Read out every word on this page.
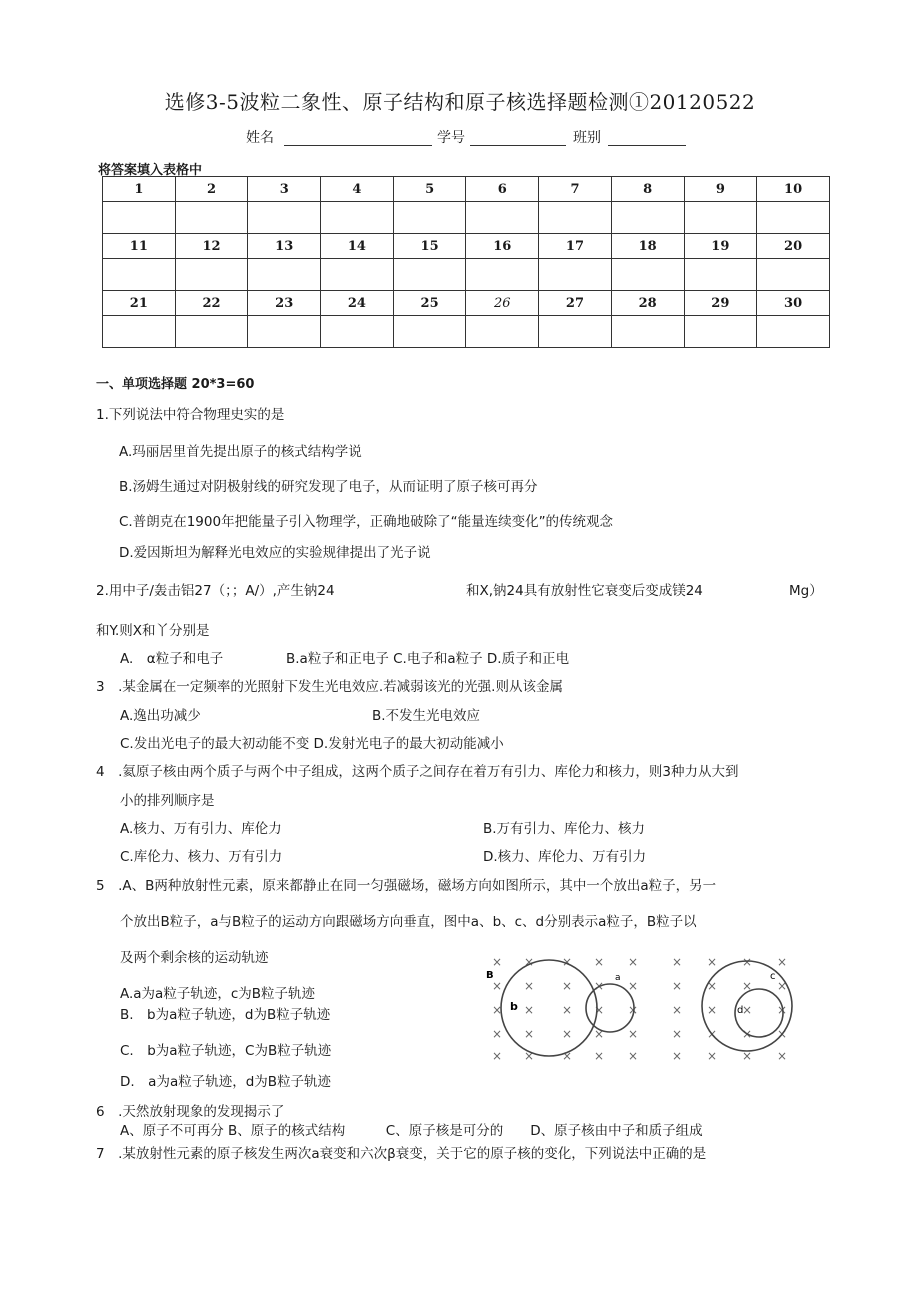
选修3-5波粒二象性、原子结构和原子核选择题检测①20120522
姓名	学号	班别
将答案填入表格中
1	2	3	4	5	6	7	8	9	10

11	12	13	14	15	16	17	18	19	20

21	22	23	24	25	26	27	28	29	30

一、单项选择题 20*3=60
1.下列说法中符合物理史实的是
A.玛丽居里首先提出原子的核式结构学说
B.汤姆生通过对阴极射线的研究发现了电子，从而证明了原子核可再分
C.普朗克在1900年把能量子引入物理学，正确地破除了“能量连续变化”的传统观念
D.爱因斯坦为解释光电效应的实验规律提出了光子说
2.用中子/轰击铝27（；；A/）,产生钠24	和X,钠24具有放射性它衰变后变成镁24	Mg）
和Y.则X和丫分别是
A.　α粒子和电子	B.a粒子和正电子 C.电子和a粒子 D.质子和正电
3　.某金属在一定频率的光照射下发生光电效应.若减弱该光的光强.则从该金属
A.逸出功减少	B.不发生光电效应
C.发出光电子的最大初动能不变 D.发射光电子的最大初动能减小
4　.氦原子核由两个质子与两个中子组成，这两个质子之间存在着万有引力、库伦力和核力，则3种力从大到
小的排列顺序是
A.核力、万有引力、库伦力	B.万有引力、库伦力、核力
C.库伦力、核力、万有引力	D.核力、库伦力、万有引力
5　.A、B两种放射性元素，原来都静止在同一匀强磁场，磁场方向如图所示，其中一个放出a粒子，另一
个放出B粒子，a与B粒子的运动方向跟磁场方向垂直，图中a、b、c、d分别表示a粒子，B粒子以
及两个剩余核的运动轨迹
A.a为a粒子轨迹，c为B粒子轨迹
B.　b为a粒子轨迹，d为B粒子轨迹
C.　b为a粒子轨迹，C为B粒子轨迹
D.　a为a粒子轨迹，d为B粒子轨迹
× × × × ×	× × × ×
× × × × ×	× × × ×
× × × × ×	× × × ×
× × × × ×	× × × ×
× × × × ×	× × × ×
B
b
a	c
d
6　.天然放射现象的发现揭示了
A、原子不可再分 B、原子的核式结构　　　C、原子核是可分的　　D、原子核由中子和质子组成
7　.某放射性元素的原子核发生两次a衰变和六次β衰变，关于它的原子核的变化，下列说法中正确的是
